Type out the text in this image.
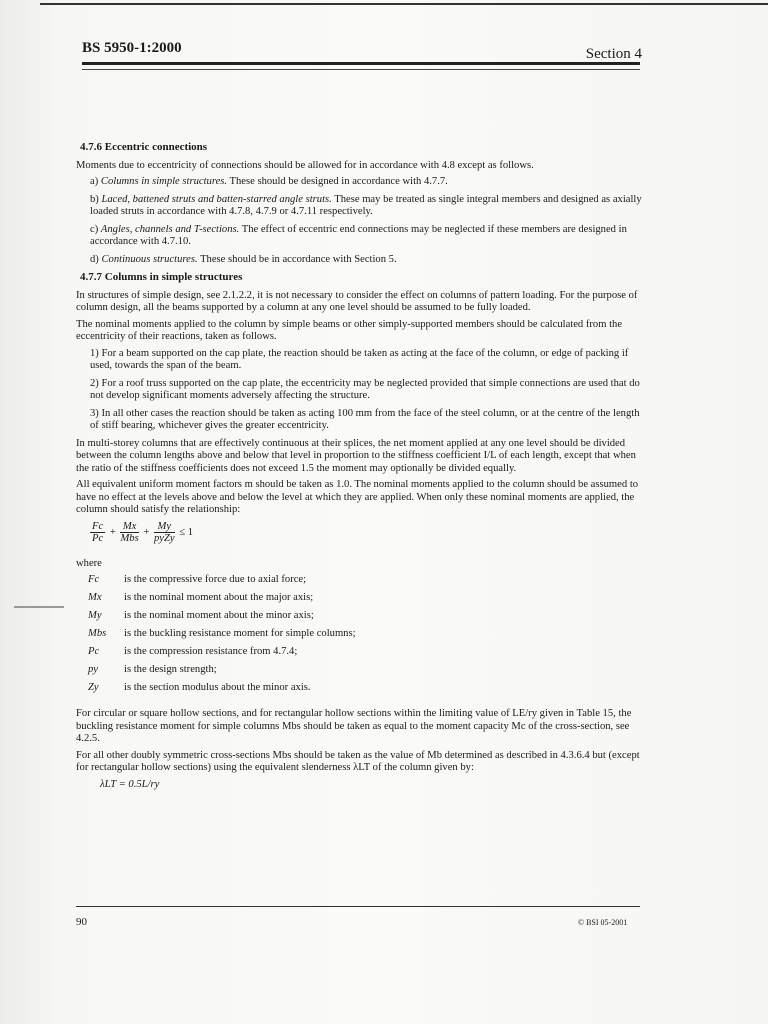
BS 5950-1:2000	Section 4
4.7.6 Eccentric connections
Moments due to eccentricity of connections should be allowed for in accordance with 4.8 except as follows.
a) Columns in simple structures. These should be designed in accordance with 4.7.7.
b) Laced, battened struts and batten-starred angle struts. These may be treated as single integral members and designed as axially loaded struts in accordance with 4.7.8, 4.7.9 or 4.7.11 respectively.
c) Angles, channels and T-sections. The effect of eccentric end connections may be neglected if these members are designed in accordance with 4.7.10.
d) Continuous structures. These should be in accordance with Section 5.
4.7.7 Columns in simple structures
In structures of simple design, see 2.1.2.2, it is not necessary to consider the effect on columns of pattern loading. For the purpose of column design, all the beams supported by a column at any one level should be assumed to be fully loaded.
The nominal moments applied to the column by simple beams or other simply-supported members should be calculated from the eccentricity of their reactions, taken as follows.
1) For a beam supported on the cap plate, the reaction should be taken as acting at the face of the column, or edge of packing if used, towards the span of the beam.
2) For a roof truss supported on the cap plate, the eccentricity may be neglected provided that simple connections are used that do not develop significant moments adversely affecting the structure.
3) In all other cases the reaction should be taken as acting 100 mm from the face of the steel column, or at the centre of the length of stiff bearing, whichever gives the greater eccentricity.
In multi-storey columns that are effectively continuous at their splices, the net moment applied at any one level should be divided between the column lengths above and below that level in proportion to the stiffness coefficient I/L of each length, except that when the ratio of the stiffness coefficients does not exceed 1.5 the moment may optionally be divided equally.
All equivalent uniform moment factors m should be taken as 1.0. The nominal moments applied to the column should be assumed to have no effect at the levels above and below the level at which they are applied. When only these nominal moments are applied, the column should satisfy the relationship:
$\frac{Fc}{Pc} + \frac{Mx}{\text{Mbs}} + \frac{My}{\text{pyZy}} \le 1$
where
Fc	is the compressive force due to axial force;
Mx	is the nominal moment about the major axis;
My	is the nominal moment about the minor axis;
Mbs	is the buckling resistance moment for simple columns;
Pc	is the compression resistance from 4.7.4;
py	is the design strength;
Zy	is the section modulus about the minor axis.
For circular or square hollow sections, and for rectangular hollow sections within the limiting value of LE/ry given in Table 15, the buckling resistance moment for simple columns Mbs should be taken as equal to the moment capacity Mc of the cross-section, see 4.2.5.
For all other doubly symmetric cross-sections Mbs should be taken as the value of Mb determined as described in 4.3.6.4 but (except for rectangular hollow sections) using the equivalent slenderness λLT of the column given by:
λLT = 0.5L/ry
90	© BSI 05-2001
